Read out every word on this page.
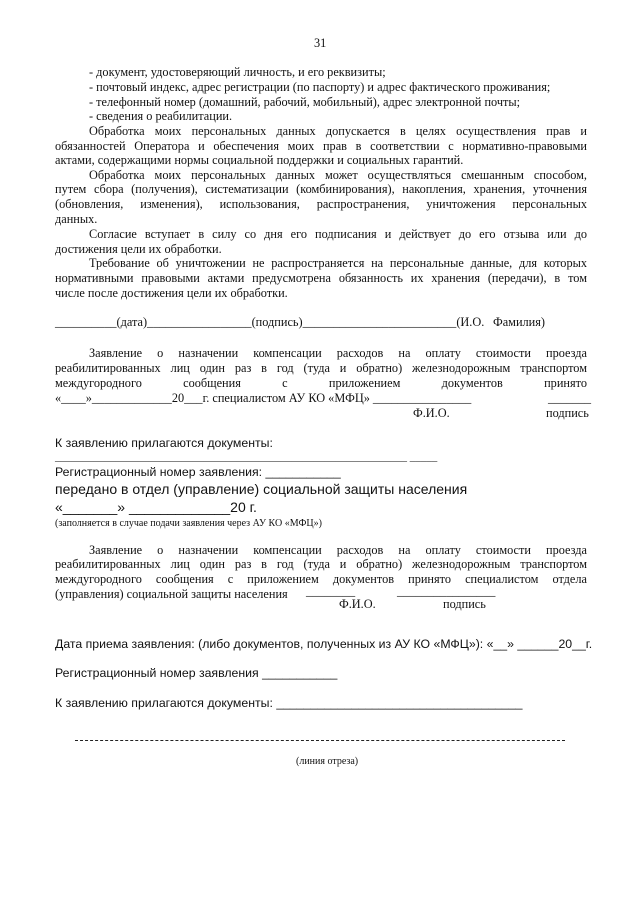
31
- документ, удостоверяющий личность, и его реквизиты;
- почтовый индекс, адрес регистрации (по паспорту) и адрес фактического проживания;
- телефонный номер (домашний, рабочий, мобильный), адрес электронной почты;
- сведения о реабилитации.
Обработка моих персональных данных допускается в целях осуществления прав и
обязанностей Оператора и обеспечения моих прав в соответствии с нормативно-правовыми
актами, содержащими нормы социальной поддержки и социальных гарантий.
Обработка моих персональных данных может осуществляться смешанным способом,
путем сбора (получения), систематизации (комбинирования), накопления, хранения, уточнения
(обновления, изменения), использования, распространения, уничтожения персональных
данных.
Согласие вступает в силу со дня его подписания и действует до его отзыва или до
достижения цели их обработки.
Требование об уничтожении не распространяется на персональные данные, для которых
нормативными правовыми актами предусмотрена обязанность их хранения (передачи), в том
числе после достижения цели их обработки.
__________(дата)_________________(подпись)_________________________(И.О. Фамилия)
Заявление о назначении компенсации расходов на оплату стоимости проезда
реабилитированных лиц один раз в год (туда и обратно) железнодорожным транспортом
междугородного сообщения с приложением документов принято
«____»_____________20___г. специалистом АУ КО «МФЦ» ________________	_______
Ф.И.О.	подпись
К заявлению прилагаются документы:
________________________________________________________________ _____
Регистрационный номер заявления: ___________
передано в отдел (управление) социальной защиты населения
«_______» _____________20 г.
(заполняется в случае подачи заявления через АУ КО «МФЦ»)
Заявление о назначении компенсации расходов на оплату стоимости проезда
реабилитированных лиц один раз в год (туда и обратно) железнодорожным транспортом
междугородного сообщения с приложением документов принято специалистом отдела
(управления) социальной защиты населения ________	________________
Ф.И.О.	подпись
Дата приема заявления: (либо документов, полученных из АУ КО «МФЦ»): «__» ______20__г.
Регистрационный номер заявления ___________
К заявлению прилагаются документы: ____________________________________
(линия отреза)
